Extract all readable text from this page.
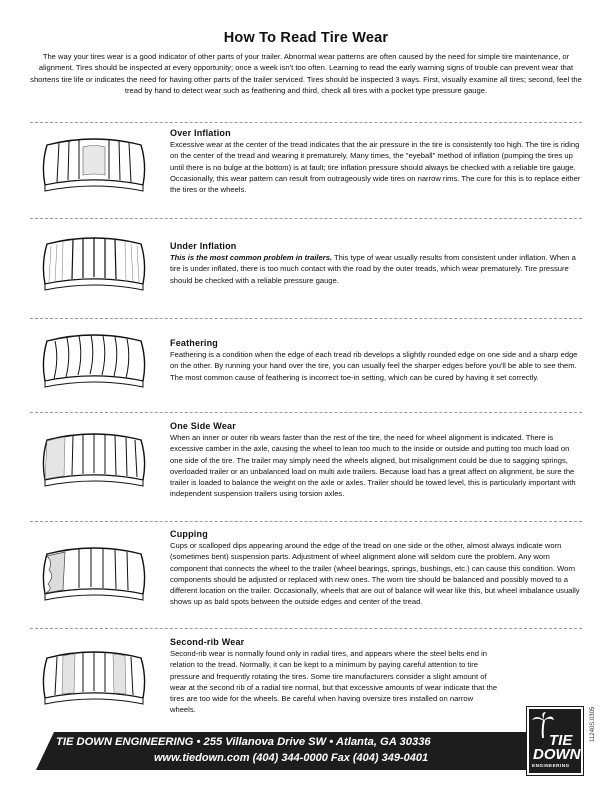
How To Read Tire Wear
The way your tires wear is a good indicator of other parts of your trailer. Abnormal wear patterns are often caused by the need for simple tire maintenance, or alignment. Tires should be inspected at every opportunity; once a week isn't too often. Learning to read the early warning signs of trouble can prevent wear that shortens tire life or indicates the need for having other parts of the trailer serviced. Tires should be inspected 3 ways. First, visually examine all tires; second, feel the tread by hand to detect wear such as feathering and third, check all tires with a pocket type pressure gauge.

Over Inflation

Excessive wear at the center of the tread indicates that the air pressure in the tire is consistently too high. The tire is riding on the center of the tread and wearing it prematurely. Many times, the "eyeball" method of inflation (pumping the tires up until there is no bulge at the bottom) is at fault; tire inflation pressure should always be checked with a reliable tire gauge. Occasionally, this wear pattern can result from outrageously wide tires on narrow rims. The cure for this is to replace either the tires or the wheels.

Under Inflation

This is the most common problem in trailers. This type of wear usually results from consistent under inflation. When a tire is under inflated, there is too much contact with the road by the outer treads, which wear prematurely. Tire pressure should be checked with a reliable pressure gauge.

Feathering

Feathering is a condition when the edge of each tread rib develops a slightly rounded edge on one side and a sharp edge on the other. By running your hand over the tire, you can usually feel the sharper edges before you'll be able to see them. The most common cause of feathering is incorrect toe-in setting, which can be cured by having it set correctly.

One Side Wear

When an inner or outer rib wears faster than the rest of the tire, the need for wheel alignment is indicated. There is excessive camber in the axle, causing the wheel to lean too much to the inside or outside and putting too much load on one side of the tire. The trailer may simply need the wheels aligned, but misalignment could be due to sagging springs, overloaded trailer or an unbalanced load on multi axle trailers. Because load has a great affect on alignment, be sure the trailer is loaded to balance the weight on the axle or axles. Trailer should be towed level, this is particularly important with independent suspension trailers using torsion axles.

Cupping

Cups or scalloped dips appearing around the edge of the tread on one side or the other, almost always indicate worn (sometimes bent) suspension parts. Adjustment of wheel alignment alone will seldom cure the problem. Any worn component that connects the wheel to the trailer (wheel bearings, springs, bushings, etc.) can cause this condition. Worn components should be adjusted or replaced with new ones. The worn tire should be balanced and possibly moved to a different location on the trailer. Occasionally, wheels that are out of balance will wear like this, but wheel imbalance usually shows up as bald spots between the outside edges and center of the tread.

Second-rib Wear

Second-rib wear is normally found only in radial tires, and appears where the steel belts end in relation to the tread. Normally, it can be kept to a minimum by paying careful attention to tire pressure and frequently rotating the tires. Some tire manufacturers consider a slight amount of wear at the second rib of a radial tire normal, but that excessive amounts of wear indicate that the tires are too wide for the wheels. Be careful when having oversize tires installed on narrow wheels.

TIE DOWN ENGINEERING • 255 Villanova Drive SW • Atlanta, GA 30336
www.tiedown.com (404) 344-0000 Fax (404) 349-0401
TIE
DOWN
ENGINEERING
11240S.0305
